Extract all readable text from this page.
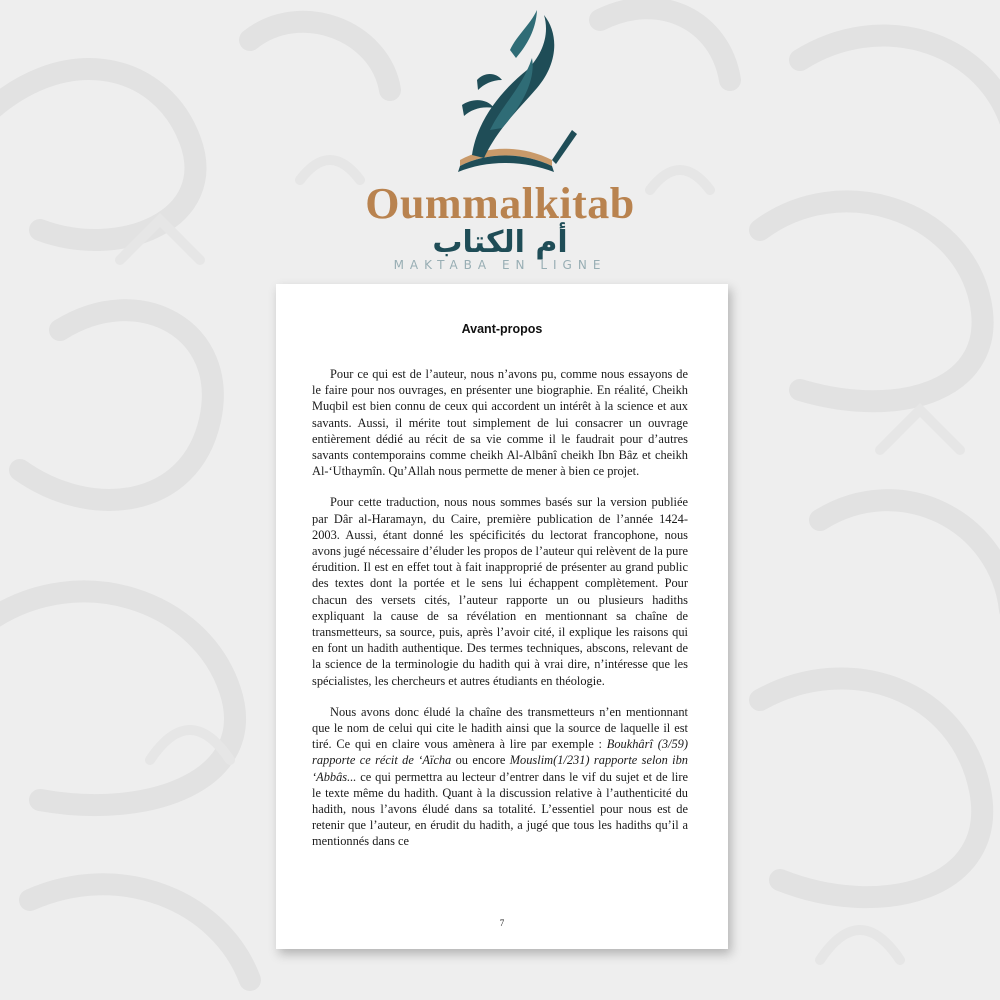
Oummalkitab
أم الكتاب
MAKTABA EN LIGNE
Avant-propos

Pour ce qui est de l’auteur, nous n’avons pu, comme nous essayons de le faire pour nos ouvrages, en présenter une biographie. En réalité, Cheikh Muqbil est bien connu de ceux qui accordent un intérêt à la science et aux savants. Aussi, il mérite tout simplement de lui consacrer un ouvrage entièrement dédié au récit de sa vie comme il le faudrait pour d’autres savants contemporains comme cheikh Al-Albânî cheikh Ibn Bâz et cheikh Al-‘Uthaymîn. Qu’Allah nous permette de mener à bien ce projet.

Pour cette traduction, nous nous sommes basés sur la version publiée par Dâr al-Haramayn, du Caire, première publication de l’année 1424-2003. Aussi, étant donné les spécificités du lectorat francophone, nous avons jugé nécessaire d’éluder les propos de l’auteur qui relèvent de la pure érudition. Il est en effet tout à fait inapproprié de présenter au grand public des textes dont la portée et le sens lui échappent complètement. Pour chacun des versets cités, l’auteur rapporte un ou plusieurs hadiths expliquant la cause de sa révélation en mentionnant sa chaîne de transmetteurs, sa source, puis, après l’avoir cité, il explique les raisons qui en font un hadith authentique. Des termes techniques, abscons, relevant de la science de la terminologie du hadith qui à vrai dire, n’intéresse que les spécialistes, les chercheurs et autres étudiants en théologie.

Nous avons donc éludé la chaîne des transmetteurs n’en mentionnant que le nom de celui qui cite le hadith ainsi que la source de laquelle il est tiré. Ce qui en claire vous amènera à lire par exemple : Boukhârî (3/59) rapporte ce récit de ‘Aïcha ou encore Mouslim(1/231) rapporte selon ibn ‘Abbâs... ce qui permettra au lecteur d’entrer dans le vif du sujet et de lire le texte même du hadith. Quant à la discussion relative à l’authenticité du hadith, nous l’avons éludé dans sa totalité. L’essentiel pour nous est de retenir que l’auteur, en érudit du hadith, a jugé que tous les hadiths qu’il a mentionnés dans ce

7
